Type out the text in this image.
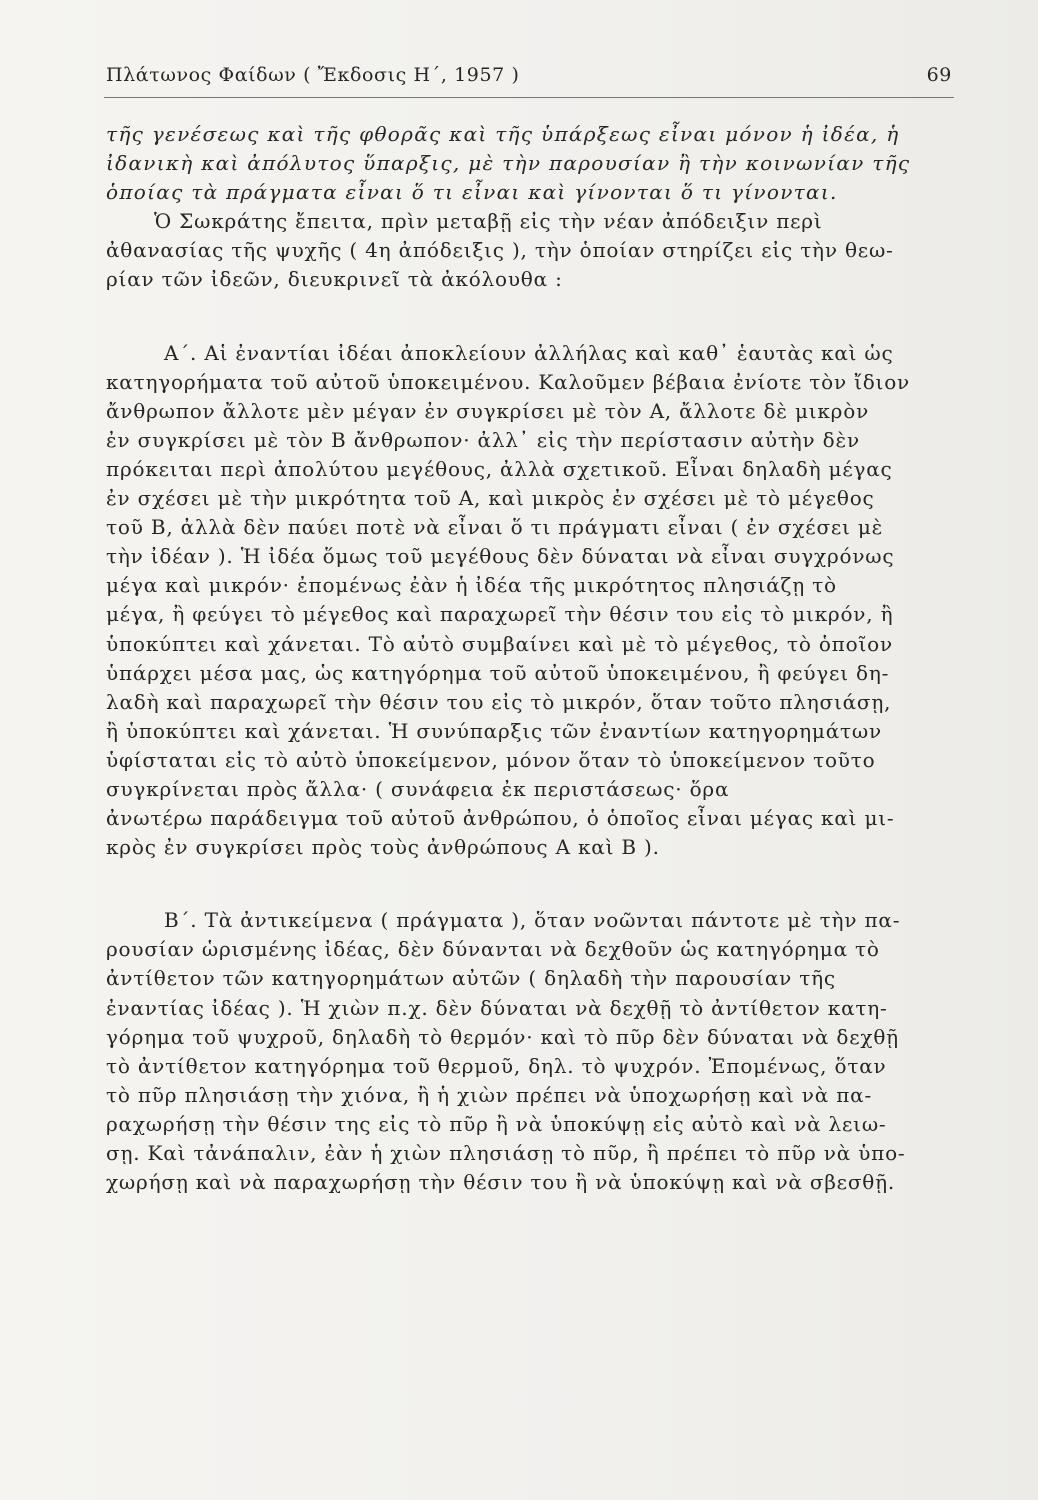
Πλάτωνος Φαίδων ( Ἔκδοσις Η΄, 1957 )	69
τῆς γενέσεως καὶ τῆς φθορᾶς καὶ τῆς ὑπάρξεως εἶναι μόνον ἡ ἰδέα, ἡ
ἰδανικὴ καὶ ἀπόλυτος ὕπαρξις, μὲ τὴν παρουσίαν ἢ τὴν κοινωνίαν τῆς
ὁποίας τὰ πράγματα εἶναι ὅ τι εἶναι καὶ γίνονται ὅ τι γίνονται.
Ὁ Σωκράτης ἔπειτα, πρὶν μεταβῇ εἰς τὴν νέαν ἀπόδειξιν περὶ
ἀθανασίας τῆς ψυχῆς ( 4η ἀπόδειξις ), τὴν ὁποίαν στηρίζει εἰς τὴν θεω-
ρίαν τῶν ἰδεῶν, διευκρινεῖ τὰ ἀκόλουθα :
Α΄. Αἱ ἐναντίαι ἰδέαι ἀποκλείουν ἀλλήλας καὶ καθ᾽ ἑαυτὰς καὶ ὡς
κατηγορήματα τοῦ αὐτοῦ ὑποκειμένου. Καλοῦμεν βέβαια ἐνίοτε τὸν ἴδιον
ἄνθρωπον ἄλλοτε μὲν μέγαν ἐν συγκρίσει μὲ τὸν Α, ἄλλοτε δὲ μικρὸν
ἐν συγκρίσει μὲ τὸν Β ἄνθρωπον· ἀλλ᾽ εἰς τὴν περίστασιν αὐτὴν δὲν
πρόκειται περὶ ἀπολύτου μεγέθους, ἀλλὰ σχετικοῦ. Εἶναι δηλαδὴ μέγας
ἐν σχέσει μὲ τὴν μικρότητα τοῦ Α, καὶ μικρὸς ἐν σχέσει μὲ τὸ μέγεθος
τοῦ Β, ἀλλὰ δὲν παύει ποτὲ νὰ εἶναι ὅ τι πράγματι εἶναι ( ἐν σχέσει μὲ
τὴν ἰδέαν ). Ἡ ἰδέα ὅμως τοῦ μεγέθους δὲν δύναται νὰ εἶναι συγχρόνως
μέγα καὶ μικρόν· ἐπομένως ἐὰν ἡ ἰδέα τῆς μικρότητος πλησιάζῃ τὸ
μέγα, ἢ φεύγει τὸ μέγεθος καὶ παραχωρεῖ τὴν θέσιν του εἰς τὸ μικρόν, ἢ
ὑποκύπτει καὶ χάνεται. Τὸ αὐτὸ συμβαίνει καὶ μὲ τὸ μέγεθος, τὸ ὁποῖον
ὑπάρχει μέσα μας, ὡς κατηγόρημα τοῦ αὐτοῦ ὑποκειμένου, ἢ φεύγει δη-
λαδὴ καὶ παραχωρεῖ τὴν θέσιν του εἰς τὸ μικρόν, ὅταν τοῦτο πλησιάσῃ,
ἢ ὑποκύπτει καὶ χάνεται. Ἡ συνύπαρξις τῶν ἐναντίων κατηγορημάτων
ὑφίσταται εἰς τὸ αὐτὸ ὑποκείμενον, μόνον ὅταν τὸ ὑποκείμενον τοῦτο
συγκρίνεται πρὸς ἄλλα· ( συνάφεια ἐκ περιστάσεως· ὅρα
ἀνωτέρω παράδειγμα τοῦ αὐτοῦ ἀνθρώπου, ὁ ὁποῖος εἶναι μέγας καὶ μι-
κρὸς ἐν συγκρίσει πρὸς τοὺς ἀνθρώπους Α καὶ Β ).
Β΄. Τὰ ἀντικείμενα ( πράγματα ), ὅταν νοῶνται πάντοτε μὲ τὴν πα-
ρουσίαν ὡρισμένης ἰδέας, δὲν δύνανται νὰ δεχθοῦν ὡς κατηγόρημα τὸ
ἀντίθετον τῶν κατηγορημάτων αὐτῶν ( δηλαδὴ τὴν παρουσίαν τῆς
ἐναντίας ἰδέας ). Ἡ χιὼν π.χ. δὲν δύναται νὰ δεχθῇ τὸ ἀντίθετον κατη-
γόρημα τοῦ ψυχροῦ, δηλαδὴ τὸ θερμόν· καὶ τὸ πῦρ δὲν δύναται νὰ δεχθῇ
τὸ ἀντίθετον κατηγόρημα τοῦ θερμοῦ, δηλ. τὸ ψυχρόν. Ἐπομένως, ὅταν
τὸ πῦρ πλησιάσῃ τὴν χιόνα, ἢ ἡ χιὼν πρέπει νὰ ὑποχωρήσῃ καὶ νὰ πα-
ραχωρήσῃ τὴν θέσιν της εἰς τὸ πῦρ ἢ νὰ ὑποκύψῃ εἰς αὐτὸ καὶ νὰ λειω-
σῃ. Καὶ τἀνάπαλιν, ἐὰν ἡ χιὼν πλησιάσῃ τὸ πῦρ, ἢ πρέπει τὸ πῦρ νὰ ὑπο-
χωρήσῃ καὶ νὰ παραχωρήσῃ τὴν θέσιν του ἢ νὰ ὑποκύψῃ καὶ νὰ σβεσθῇ.
